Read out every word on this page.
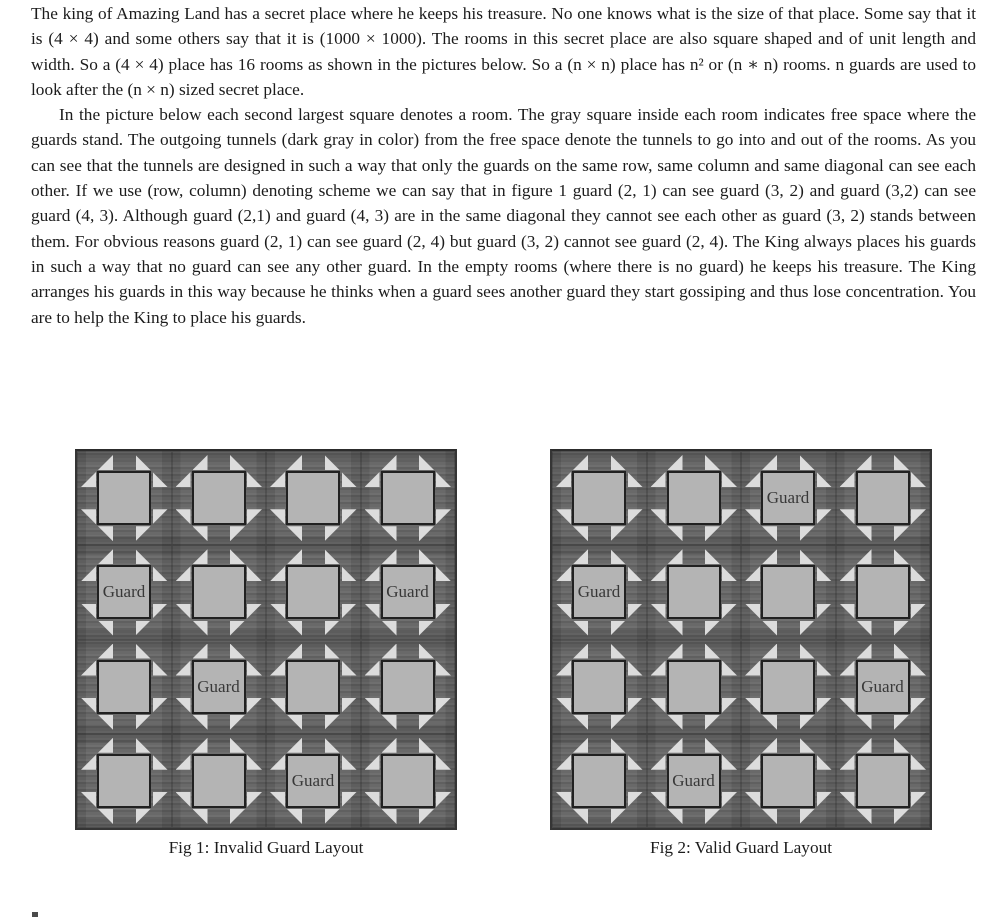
The king of Amazing Land has a secret place where he keeps his treasure. No one knows what is the size of that place. Some say that it is (4 × 4) and some others say that it is (1000 × 1000). The rooms in this secret place are also square shaped and of unit length and width. So a (4 × 4) place has 16 rooms as shown in the pictures below. So a (n × n) place has n² or (n ∗ n) rooms. n guards are used to look after the (n × n) sized secret place.

In the picture below each second largest square denotes a room. The gray square inside each room indicates free space where the guards stand. The outgoing tunnels (dark gray in color) from the free space denote the tunnels to go into and out of the rooms. As you can see that the tunnels are designed in such a way that only the guards on the same row, same column and same diagonal can see each other. If we use (row, column) denoting scheme we can say that in figure 1 guard (2, 1) can see guard (3, 2) and guard (3,2) can see guard (4, 3). Although guard (2,1) and guard (4, 3) are in the same diagonal they cannot see each other as guard (3, 2) stands between them. For obvious reasons guard (2, 1) can see guard (2, 4) but guard (3, 2) cannot see guard (2, 4). The King always places his guards in such a way that no guard can see any other guard. In the empty rooms (where there is no guard) he keeps his treasure. The King arranges his guards in this way because he thinks when a guard sees another guard they start gossiping and thus lose concentration. You are to help the King to place his guards.

Guard	Guard
Guard
Guard
Fig 1: Invalid Guard Layout
Guard
Guard
Guard
Guard
Fig 2: Valid Guard Layout
